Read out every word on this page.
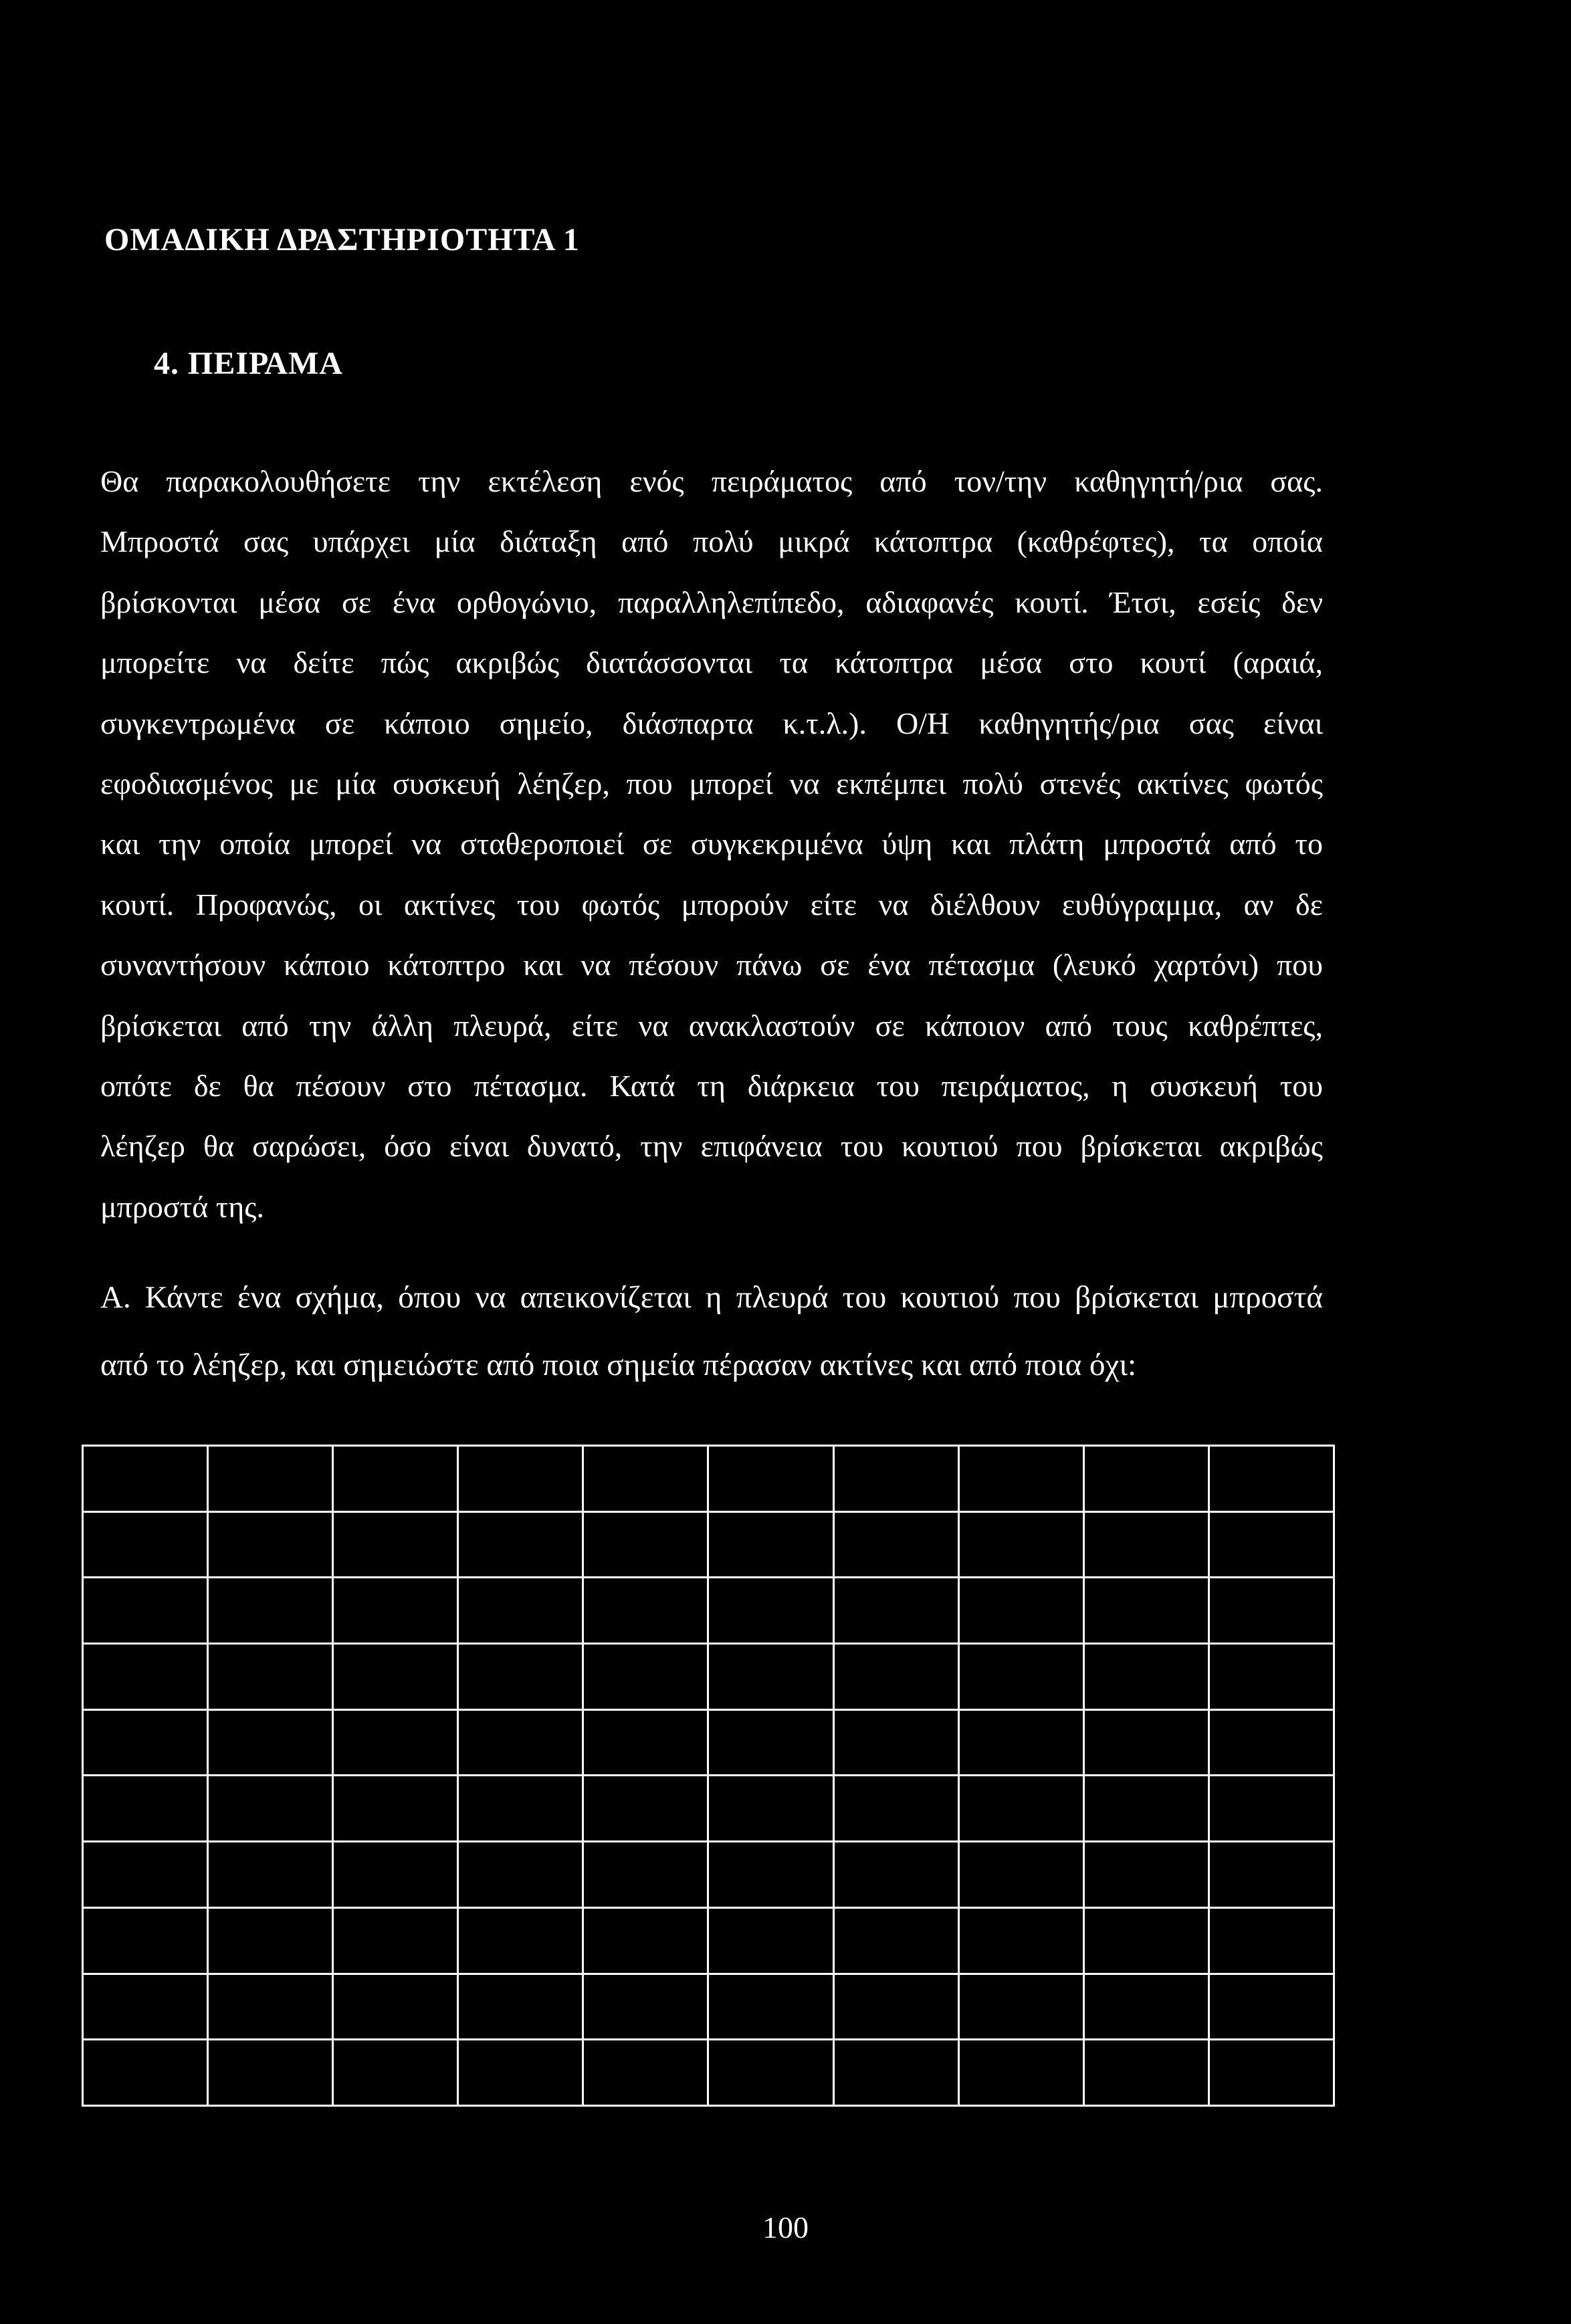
ΟΜΑΔΙΚΗ ΔΡΑΣΤΗΡΙΟΤΗΤΑ 1
4. ΠΕΙΡΑΜΑ
Θα παρακολουθήσετε την εκτέλεση ενός πειράματος από τον/την καθηγητή/ρια σας.
Μπροστά σας υπάρχει μία διάταξη από πολύ μικρά κάτοπτρα (καθρέφτες), τα οποία
βρίσκονται μέσα σε ένα ορθογώνιο, παραλληλεπίπεδο, αδιαφανές κουτί. Έτσι, εσείς δεν
μπορείτε να δείτε πώς ακριβώς διατάσσονται τα κάτοπτρα μέσα στο κουτί (αραιά,
συγκεντρωμένα σε κάποιο σημείο, διάσπαρτα κ.τ.λ.). Ο/Η καθηγητής/ρια σας είναι
εφοδιασμένος με μία συσκευή λέηζερ, που μπορεί να εκπέμπει πολύ στενές ακτίνες φωτός
και την οποία μπορεί να σταθεροποιεί σε συγκεκριμένα ύψη και πλάτη μπροστά από το
κουτί. Προφανώς, οι ακτίνες του φωτός μπορούν είτε να διέλθουν ευθύγραμμα, αν δε
συναντήσουν κάποιο κάτοπτρο και να πέσουν πάνω σε ένα πέτασμα (λευκό χαρτόνι) που
βρίσκεται από την άλλη πλευρά, είτε να ανακλαστούν σε κάποιον από τους καθρέπτες,
οπότε δε θα πέσουν στο πέτασμα. Κατά τη διάρκεια του πειράματος, η συσκευή του
λέηζερ θα σαρώσει, όσο είναι δυνατό, την επιφάνεια του κουτιού που βρίσκεται ακριβώς
μπροστά της.
Α. Κάντε ένα σχήμα, όπου να απεικονίζεται η πλευρά του κουτιού που βρίσκεται μπροστά
από το λέηζερ, και σημειώστε από ποια σημεία πέρασαν ακτίνες και από ποια όχι:

100
